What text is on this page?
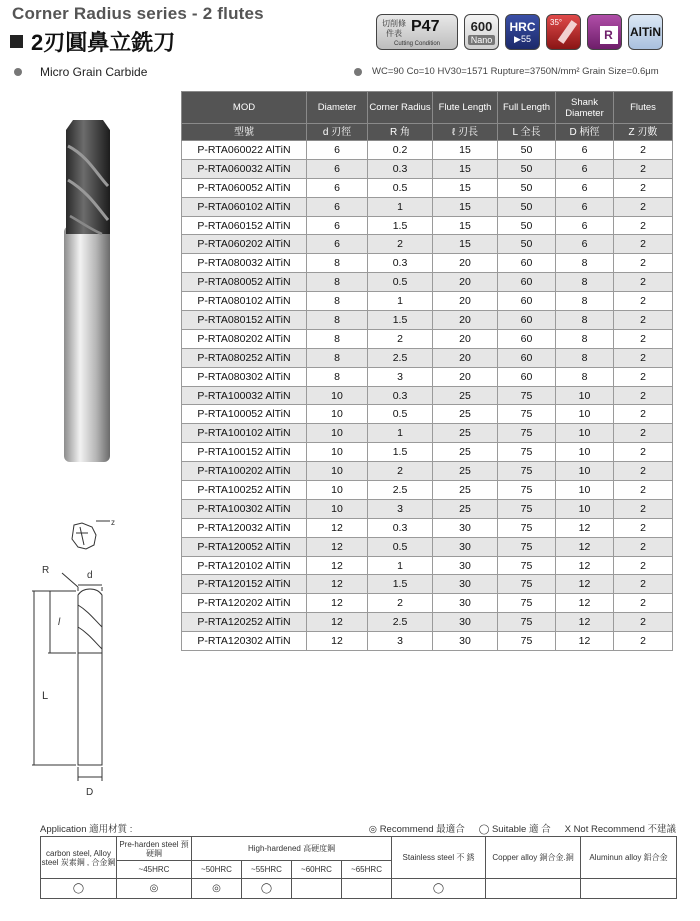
Corner Radius series - 2 flutes
2刃圓鼻立銑刀
切削條件表 P47
Cutting Condition
600
Nano
HRC
▶55
35°
R	AlTiN
Micro Grain Carbide	WC=90 Co=10 HV30=1571 Rupture=3750N/mm² Grain Size=0.6μm
z
R	d
l
L
D
MOD	Diameter	Corner Radius	Flute Length	Full Length	Shank Diameter	Flutes
型號	d 刃徑	R 角	ℓ 刃長	L 全長	D 柄徑	Z 刃數
P-RTA060022 AlTiN	6	0.2	15	50	6	2
P-RTA060032 AlTiN	6	0.3	15	50	6	2
P-RTA060052 AlTiN	6	0.5	15	50	6	2
P-RTA060102 AlTiN	6	1	15	50	6	2
P-RTA060152 AlTiN	6	1.5	15	50	6	2
P-RTA060202 AlTiN	6	2	15	50	6	2
P-RTA080032 AlTiN	8	0.3	20	60	8	2
P-RTA080052 AlTiN	8	0.5	20	60	8	2
P-RTA080102 AlTiN	8	1	20	60	8	2
P-RTA080152 AlTiN	8	1.5	20	60	8	2
P-RTA080202 AlTiN	8	2	20	60	8	2
P-RTA080252 AlTiN	8	2.5	20	60	8	2
P-RTA080302 AlTiN	8	3	20	60	8	2
P-RTA100032 AlTiN	10	0.3	25	75	10	2
P-RTA100052 AlTiN	10	0.5	25	75	10	2
P-RTA100102 AlTiN	10	1	25	75	10	2
P-RTA100152 AlTiN	10	1.5	25	75	10	2
P-RTA100202 AlTiN	10	2	25	75	10	2
P-RTA100252 AlTiN	10	2.5	25	75	10	2
P-RTA100302 AlTiN	10	3	25	75	10	2
P-RTA120032 AlTiN	12	0.3	30	75	12	2
P-RTA120052 AlTiN	12	0.5	30	75	12	2
P-RTA120102 AlTiN	12	1	30	75	12	2
P-RTA120152 AlTiN	12	1.5	30	75	12	2
P-RTA120202 AlTiN	12	2	30	75	12	2
P-RTA120252 AlTiN	12	2.5	30	75	12	2
P-RTA120302 AlTiN	12	3	30	75	12	2
Application 適用材質 :	◎ Recommend 最適合 ◯ Suitable 適 合 X Not Recommend 不建議
carbon steel, Alloy steel 炭素鋼 , 合金鋼	Pre-harden steel 預硬鋼	High-hardened 高硬度鋼				Stainless steel 不 銹	Copper alloy 銅合金.銅	Aluminun alloy 鋁合金
	~45HRC	~50HRC	~55HRC	~60HRC	~65HRC			
◯	◎	◎	◯			◯		
